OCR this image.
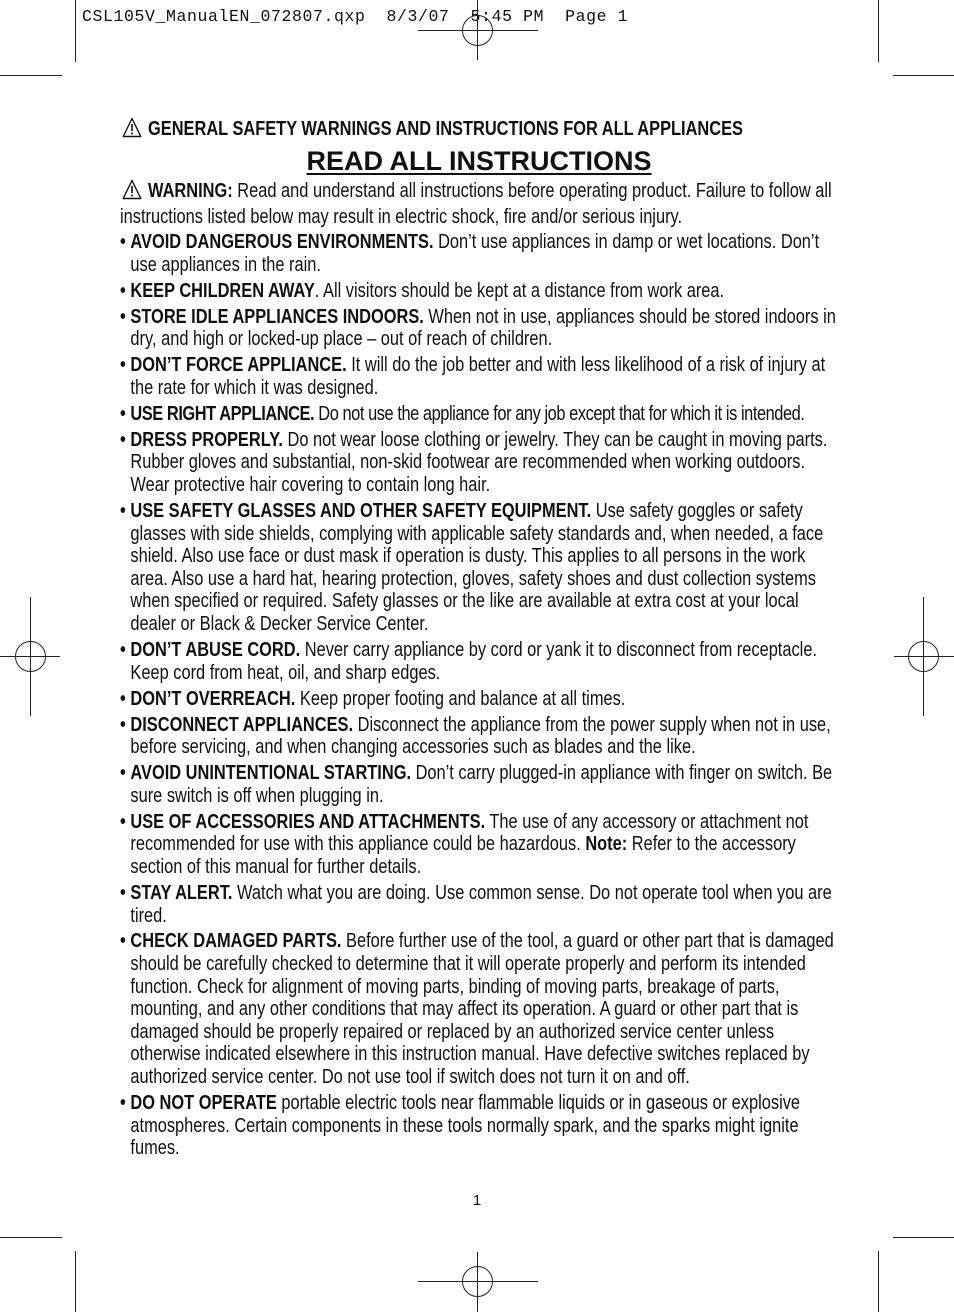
CSL105V_ManualEN_072807.qxp  8/3/07  5:45 PM  Page 1
GENERAL SAFETY WARNINGS AND INSTRUCTIONS FOR ALL APPLIANCES
READ ALL INSTRUCTIONS
WARNING: Read and understand all instructions before operating product. Failure to follow all instructions listed below may result in electric shock, fire and/or serious injury.
• AVOID DANGEROUS ENVIRONMENTS. Don’t use appliances in damp or wet locations. Don’t use appliances in the rain.
• KEEP CHILDREN AWAY. All visitors should be kept at a distance from work area.
• STORE IDLE APPLIANCES INDOORS. When not in use, appliances should be stored indoors in dry, and high or locked-up place – out of reach of children.
• DON’T FORCE APPLIANCE. It will do the job better and with less likelihood of a risk of injury at the rate for which it was designed.
• USE RIGHT APPLIANCE. Do not use the appliance for any job except that for which it is intended.
• DRESS PROPERLY. Do not wear loose clothing or jewelry. They can be caught in moving parts. Rubber gloves and substantial, non-skid footwear are recommended when working outdoors. Wear protective hair covering to contain long hair.
• USE SAFETY GLASSES AND OTHER SAFETY EQUIPMENT. Use safety goggles or safety glasses with side shields, complying with applicable safety standards and, when needed, a face shield. Also use face or dust mask if operation is dusty. This applies to all persons in the work area. Also use a hard hat, hearing protection, gloves, safety shoes and dust collection systems when specified or required. Safety glasses or the like are available at extra cost at your local dealer or Black & Decker Service Center.
• DON’T ABUSE CORD. Never carry appliance by cord or yank it to disconnect from receptacle. Keep cord from heat, oil, and sharp edges.
• DON’T OVERREACH. Keep proper footing and balance at all times.
• DISCONNECT APPLIANCES. Disconnect the appliance from the power supply when not in use, before servicing, and when changing accessories such as blades and the like.
• AVOID UNINTENTIONAL STARTING. Don’t carry plugged-in appliance with finger on switch. Be sure switch is off when plugging in.
• USE OF ACCESSORIES AND ATTACHMENTS. The use of any accessory or attachment not recommended for use with this appliance could be hazardous. Note: Refer to the accessory section of this manual for further details.
• STAY ALERT. Watch what you are doing. Use common sense. Do not operate tool when you are tired.
• CHECK DAMAGED PARTS. Before further use of the tool, a guard or other part that is damaged should be carefully checked to determine that it will operate properly and perform its intended function. Check for alignment of moving parts, binding of moving parts, breakage of parts, mounting, and any other conditions that may affect its operation. A guard or other part that is damaged should be properly repaired or replaced by an authorized service center unless otherwise indicated elsewhere in this instruction manual. Have defective switches replaced by authorized service center. Do not use tool if switch does not turn it on and off.
• DO NOT OPERATE portable electric tools near flammable liquids or in gaseous or explosive atmospheres. Certain components in these tools normally spark, and the sparks might ignite fumes.
1
